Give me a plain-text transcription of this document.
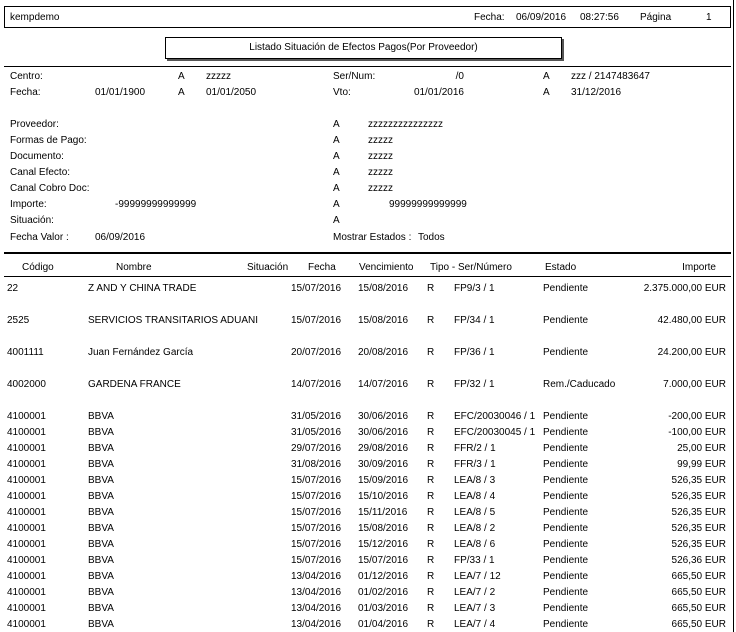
kempdemo	Fecha: 06/09/2016 08:27:56 Página	1
Listado Situación de Efectos Pagos(Por Proveedor)
Centro:	A zzzzz	Ser/Num:	/0	A zzz / 2147483647
Fecha:	01/01/1900	A 01/01/2050	Vto:	01/01/2016	A 31/12/2016
Proveedor:	A	zzzzzzzzzzzzzzz
Formas de Pago:	A	zzzzz
Documento:	A	zzzzz
Canal Efecto:	A	zzzzz
Canal Cobro Doc:	A	zzzzz
Importe:	-99999999999999	A	99999999999999
Situación:	A
Fecha Valor :	06/09/2016	Mostrar Estados : Todos
Código	Nombre	Situación Fecha Vencimiento Tipo - Ser/Número	Estado	Importe
22	Z AND Y CHINA TRADE	15/07/2016 15/08/2016 R FP9/3 / 1	Pendiente	2.375.000,00 EUR
2525	SERVICIOS TRANSITARIOS ADUANI	15/07/2016 15/08/2016 R FP/34 / 1	Pendiente	42.480,00 EUR
4001111	Juan Fernández García	20/07/2016 20/08/2016 R FP/36 / 1	Pendiente	24.200,00 EUR
4002000	GARDENA FRANCE	14/07/2016 14/07/2016 R FP/32 / 1	Rem./Caducado	7.000,00 EUR
4100001	BBVA	31/05/2016 30/06/2016 R EFC/20030046 / 1 Pendiente	-200,00 EUR
4100001	BBVA	31/05/2016 30/06/2016 R EFC/20030045 / 1 Pendiente	-100,00 EUR
4100001	BBVA	29/07/2016 29/08/2016 R FFR/2 / 1	Pendiente	25,00 EUR
4100001	BBVA	31/08/2016 30/09/2016 R FFR/3 / 1	Pendiente	99,99 EUR
4100001	BBVA	15/07/2016 15/09/2016 R LEA/8 / 3	Pendiente	526,35 EUR
4100001	BBVA	15/07/2016 15/10/2016 R LEA/8 / 4	Pendiente	526,35 EUR
4100001	BBVA	15/07/2016 15/11/2016 R LEA/8 / 5	Pendiente	526,35 EUR
4100001	BBVA	15/07/2016 15/08/2016 R LEA/8 / 2	Pendiente	526,35 EUR
4100001	BBVA	15/07/2016 15/12/2016 R LEA/8 / 6	Pendiente	526,35 EUR
4100001	BBVA	15/07/2016 15/07/2016 R FP/33 / 1	Pendiente	526,36 EUR
4100001	BBVA	13/04/2016 01/12/2016 R LEA/7 / 12	Pendiente	665,50 EUR
4100001	BBVA	13/04/2016 01/02/2016 R LEA/7 / 2	Pendiente	665,50 EUR
4100001	BBVA	13/04/2016 01/03/2016 R LEA/7 / 3	Pendiente	665,50 EUR
4100001	BBVA	13/04/2016 01/04/2016 R LEA/7 / 4	Pendiente	665,50 EUR
